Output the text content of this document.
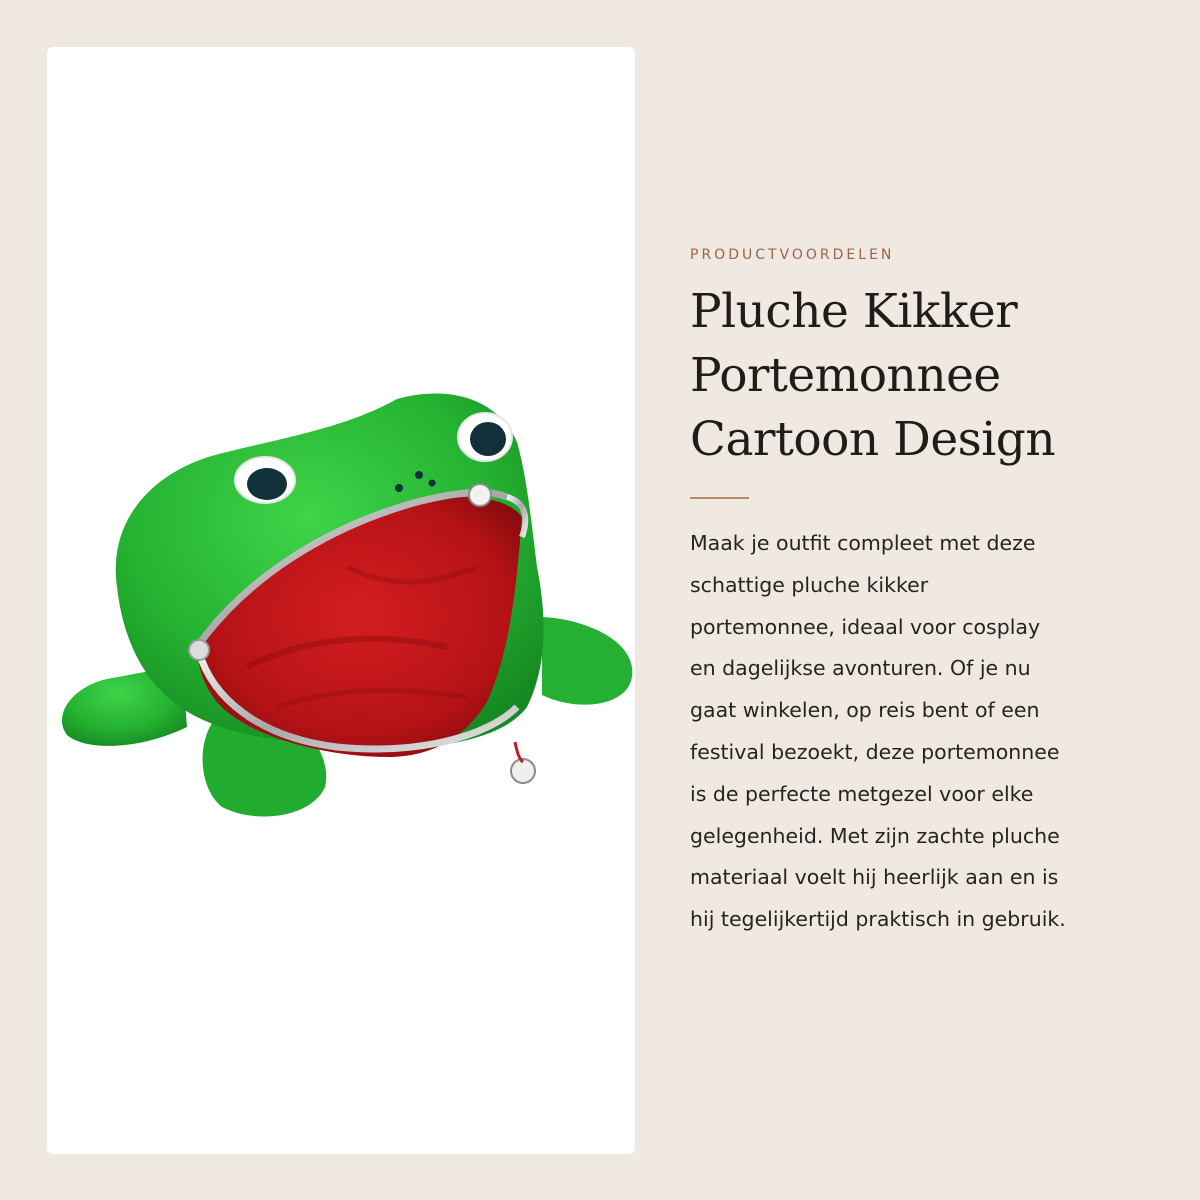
PRODUCTVOORDELEN

Pluche Kikker
Portemonnee
Cartoon Design
Maak je outfit compleet met deze
schattige pluche kikker
portemonnee, ideaal voor cosplay
en dagelijkse avonturen. Of je nu
gaat winkelen, op reis bent of een
festival bezoekt, deze portemonnee
is de perfecte metgezel voor elke
gelegenheid. Met zijn zachte pluche
materiaal voelt hij heerlijk aan en is
hij tegelijkertijd praktisch in gebruik.
